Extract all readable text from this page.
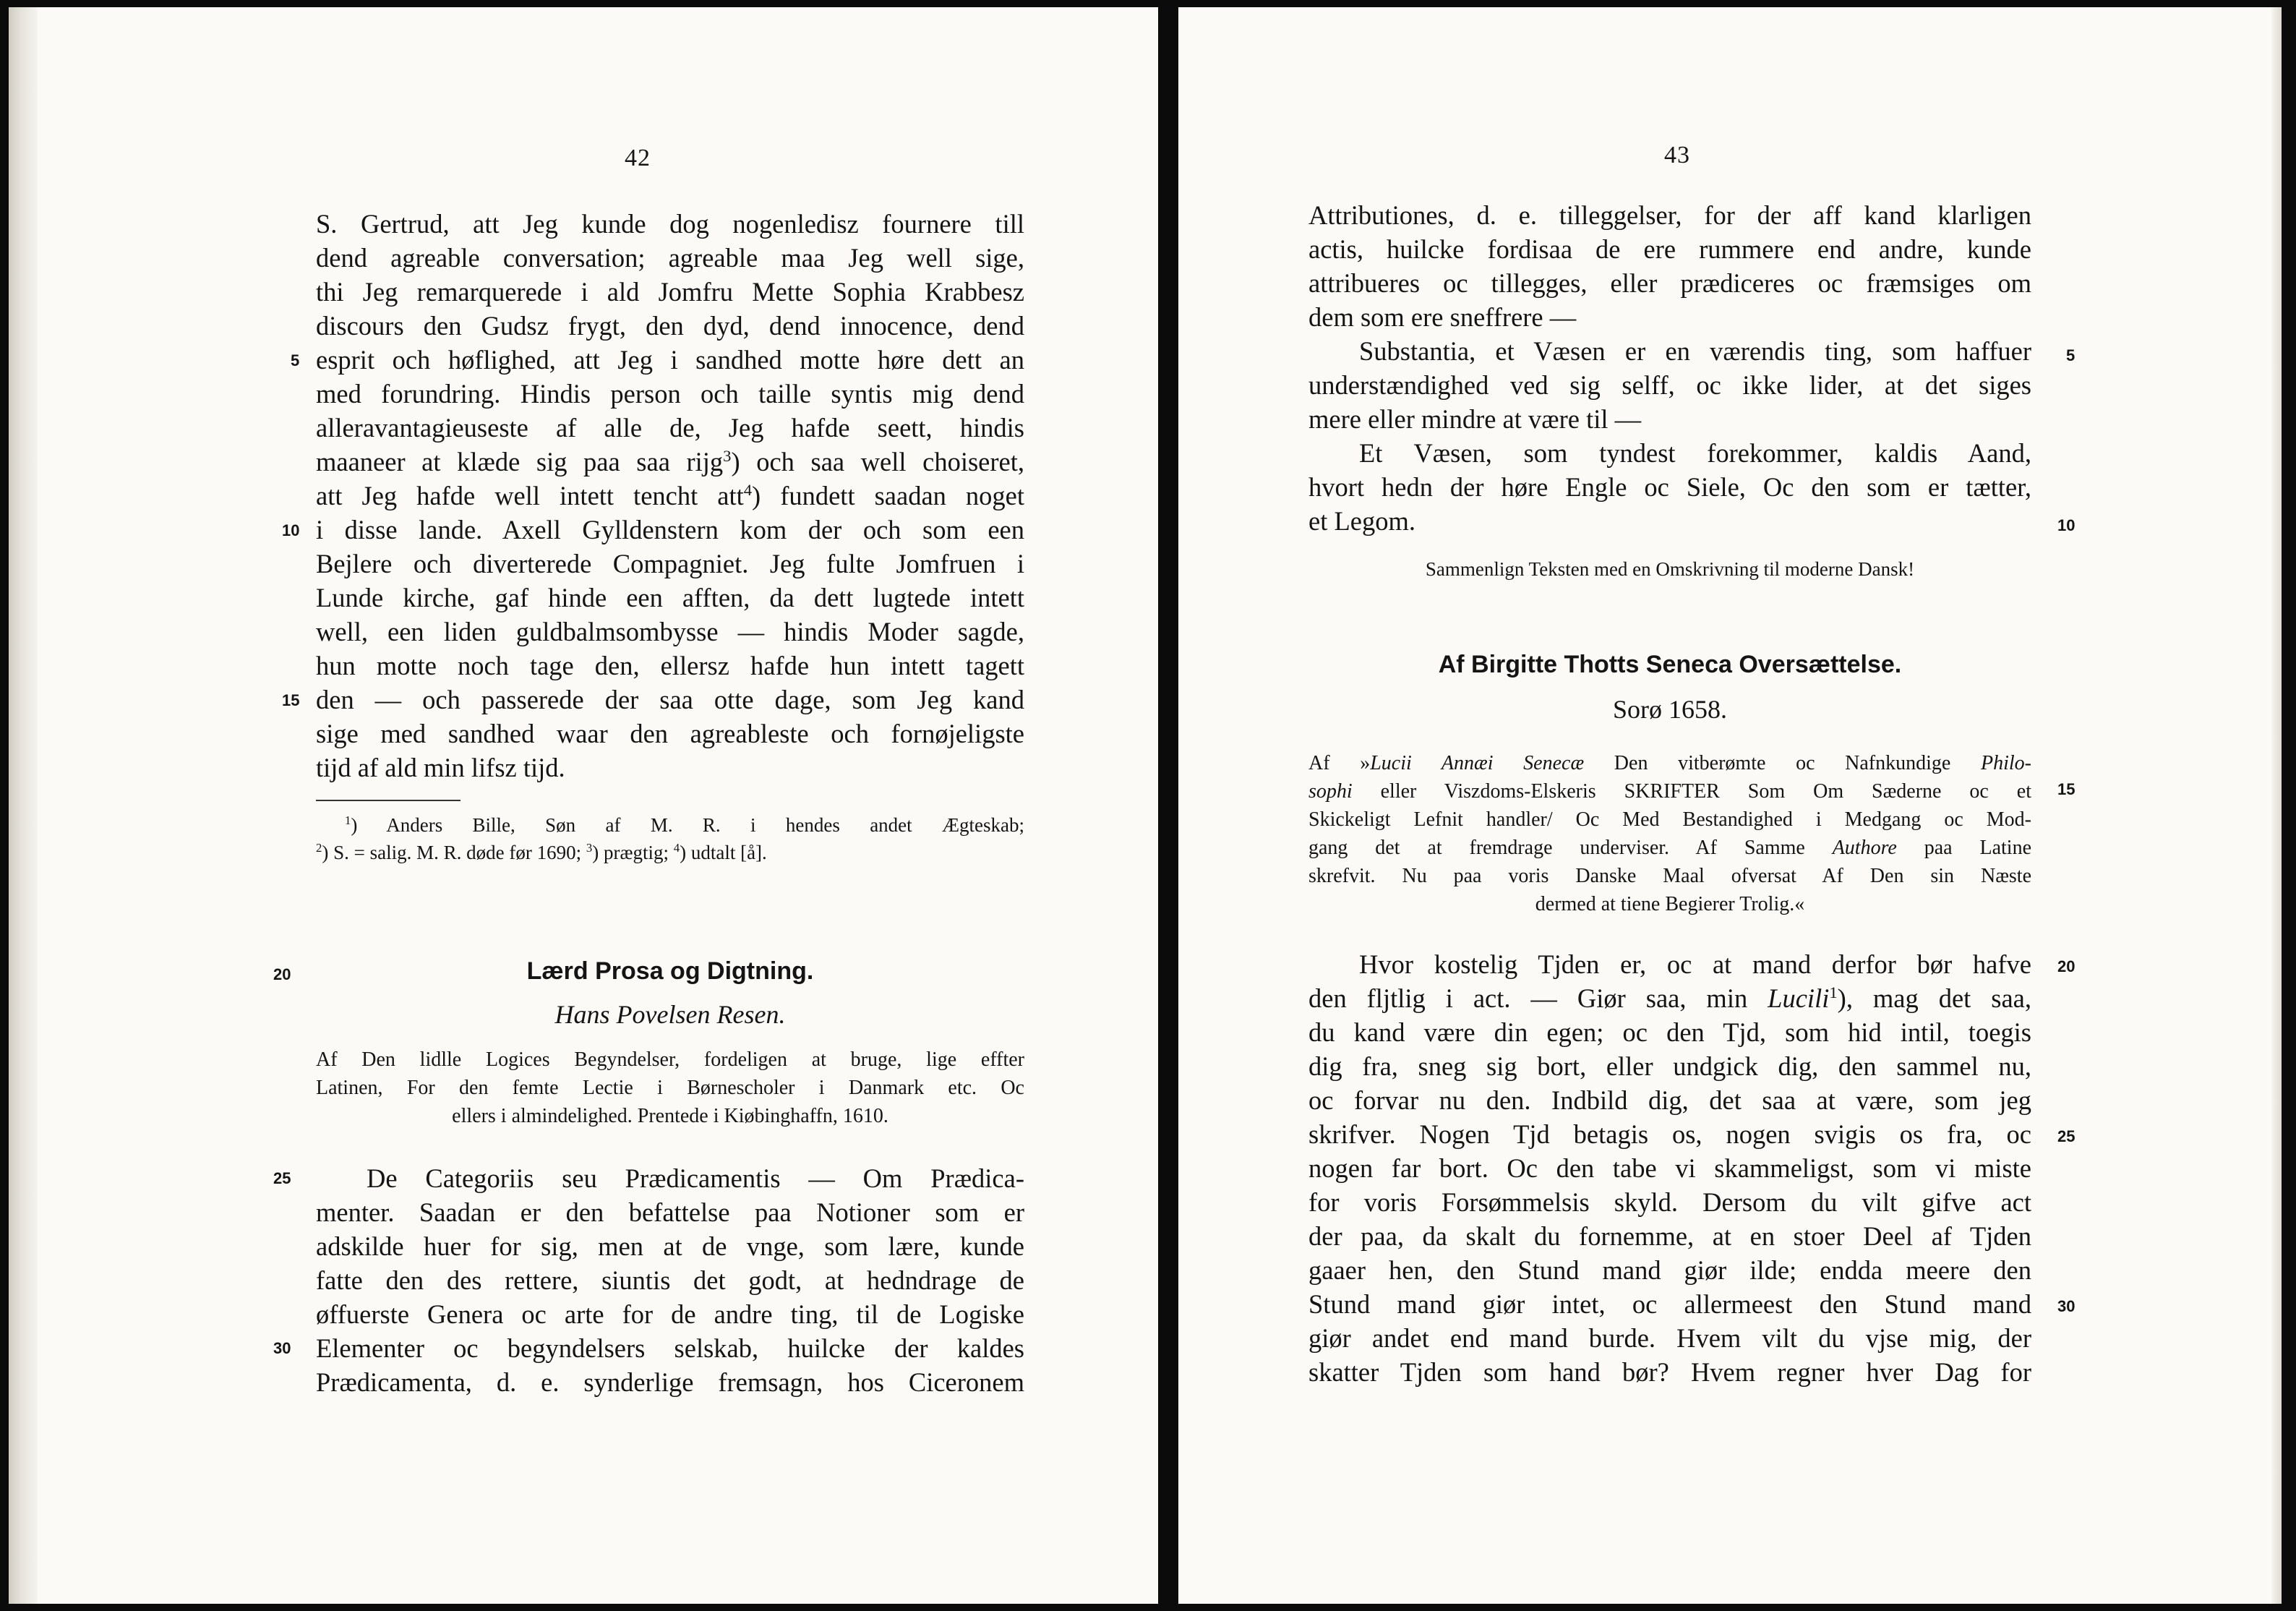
42
S. Gertrud, att Jeg kunde dog nogenledisz fournere till
dend agreable conversation; agreable maa Jeg well sige,
thi Jeg remarquerede i ald Jomfru Mette Sophia Krabbesz
discours den Gudsz frygt, den dyd, dend innocence, dend
esprit och høflighed, att Jeg i sandhed motte høre dett an
med forundring. Hindis person och taille syntis mig dend
alleravantagieuseste af alle de, Jeg hafde seett, hindis
maaneer at klæde sig paa saa rijg$^3$) och saa well choiseret,
att Jeg hafde well intett tencht att$^4$) fundett saadan noget
i disse lande. Axell Gylldenstern kom der och som een
Bejlere och diverterede Compagniet. Jeg fulte Jomfruen i
Lunde kirche, gaf hinde een afften, da dett lugtede intett
well, een liden guldbalmsombysse — hindis Moder sagde,
hun motte noch tage den, ellersz hafde hun intett tagett
den — och passerede der saa otte dage, som Jeg kand
sige med sandhed waar den agreableste och fornøjeligste
tijd af ald min lifsz tijd.
5
10
15
$^1$) Anders Bille, Søn af M. R. i hendes andet Ægteskab;
$^2$) S. = salig. M. R. døde før 1690; $^3$) prægtig; $^4$) udtalt [å].
20	Lærd Prosa og Digtning.
Hans Povelsen Resen.
Af Den lidlle Logices Begyndelser, fordeligen at bruge, lige effter
Latinen, For den femte Lectie i Børnescholer i Danmark etc. Oc
ellers i almindelighed. Prentede i Kiøbinghaffn, 1610.
25
30
De Categoriis seu Prædicamentis — Om Prædica-
menter. Saadan er den befattelse paa Notioner som er
adskilde huer for sig, men at de vnge, som lære, kunde
fatte den des rettere, siuntis det godt, at hedndrage de
øffuerste Genera oc arte for de andre ting, til de Logiske
Elementer oc begyndelsers selskab, huilcke der kaldes
Prædicamenta, d. e. synderlige fremsagn, hos Ciceronem
43
Attributiones, d. e. tilleggelser, for der aff kand klarligen
actis, huilcke fordisaa de ere rummere end andre, kunde
attribueres oc tillegges, eller prædiceres oc fræmsiges om
dem som ere sneffrere —
Substantia, et Væsen er en værendis ting, som haffuer
understændighed ved sig selff, oc ikke lider, at det siges
mere eller mindre at være til —
Et Væsen, som tyndest forekommer, kaldis Aand,
hvort hedn der høre Engle oc Siele, Oc den som er tætter,
et Legom.
5
10
Sammenlign Teksten med en Omskrivning til moderne Dansk!
Af Birgitte Thotts Seneca Oversættelse.
Sorø 1658.
Af »Lucii Annæi Senecæ Den vitberømte oc Nafnkundige Philo-
sophi eller Viszdoms-Elskeris SKRIFTER Som Om Sæderne oc et
Skickeligt Lefnit handler/ Oc Med Bestandighed i Medgang oc Mod-
gang det at fremdrage underviser. Af Samme Authore paa Latine
skrefvit. Nu paa voris Danske Maal ofversat Af Den sin Næste
dermed at tiene Begierer Trolig.«
15
Hvor kostelig Tjden er, oc at mand derfor bør hafve
den fljtlig i act. — Giør saa, min Lucili$^1$), mag det saa,
du kand være din egen; oc den Tjd, som hid intil, toegis
dig fra, sneg sig bort, eller undgick dig, den sammel nu,
oc forvar nu den. Indbild dig, det saa at være, som jeg
skrifver. Nogen Tjd betagis os, nogen svigis os fra, oc
nogen far bort. Oc den tabe vi skammeligst, som vi miste
for voris Forsømmelsis skyld. Dersom du vilt gifve act
der paa, da skalt du fornemme, at en stoer Deel af Tjden
gaaer hen, den Stund mand giør ilde; endda meere den
Stund mand giør intet, oc allermeest den Stund mand
giør andet end mand burde. Hvem vilt du vjse mig, der
skatter Tjden som hand bør? Hvem regner hver Dag for
20
25
30
